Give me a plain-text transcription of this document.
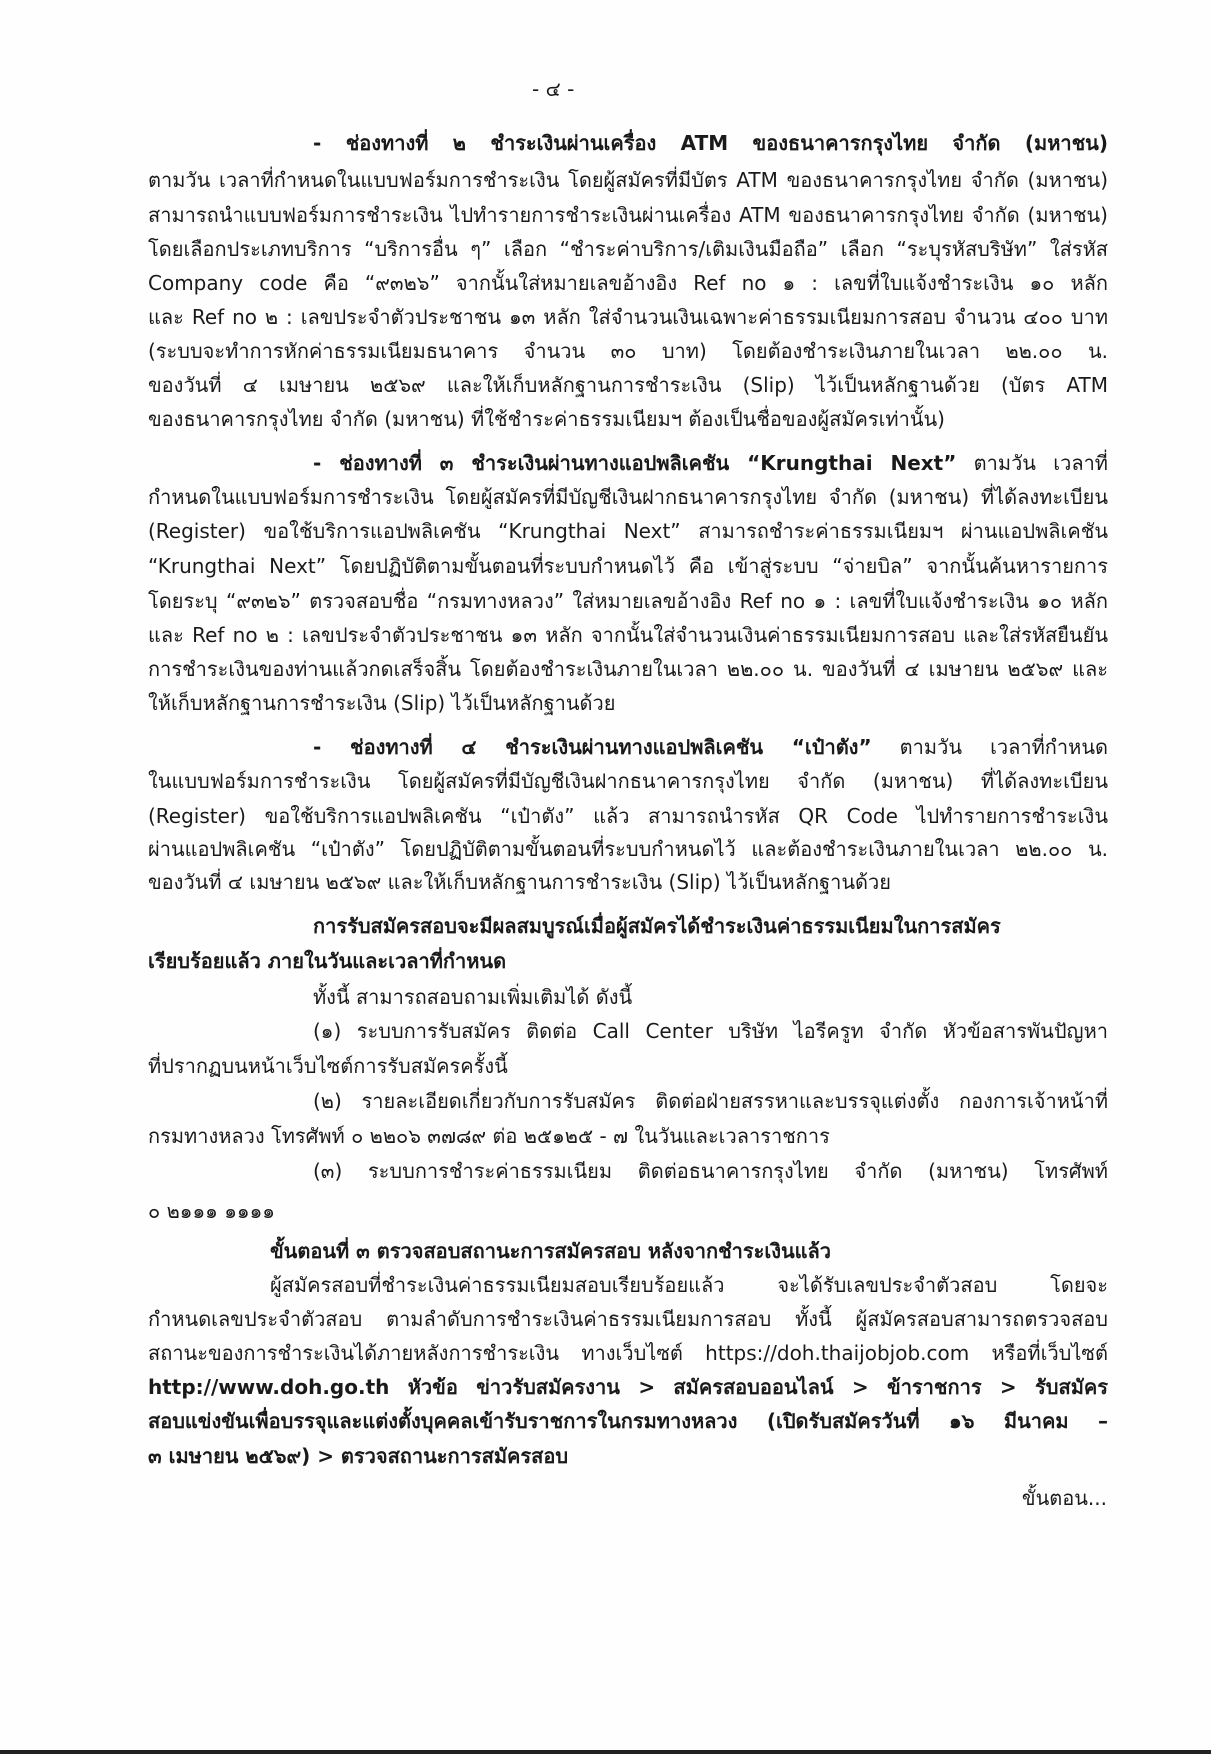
- ๔ -
- ช่องทางที่ ๒ ชำระเงินผ่านเครื่อง ATM ของธนาคารกรุงไทย จำกัด (มหาชน)
ตามวัน เวลาที่กำหนดในแบบฟอร์มการชำระเงิน โดยผู้สมัครที่มีบัตร ATM ของธนาคารกรุงไทย จำกัด (มหาชน)
สามารถนำแบบฟอร์มการชำระเงิน ไปทำรายการชำระเงินผ่านเครื่อง ATM ของธนาคารกรุงไทย จำกัด (มหาชน)
โดยเลือกประเภทบริการ “บริการอื่น ๆ” เลือก “ชำระค่าบริการ/เติมเงินมือถือ” เลือก “ระบุรหัสบริษัท” ใส่รหัส
Company code คือ “๙๓๒๖” จากนั้นใส่หมายเลขอ้างอิง Ref no ๑ : เลขที่ใบแจ้งชำระเงิน ๑๐ หลัก
และ Ref no ๒ : เลขประจำตัวประชาชน ๑๓ หลัก ใส่จำนวนเงินเฉพาะค่าธรรมเนียมการสอบ จำนวน ๔๐๐ บาท
(ระบบจะทำการหักค่าธรรมเนียมธนาคาร จำนวน ๓๐ บาท) โดยต้องชำระเงินภายในเวลา ๒๒.๐๐ น.
ของวันที่ ๔ เมษายน ๒๕๖๙ และให้เก็บหลักฐานการชำระเงิน (Slip) ไว้เป็นหลักฐานด้วย (บัตร ATM
ของธนาคารกรุงไทย จำกัด (มหาชน) ที่ใช้ชำระค่าธรรมเนียมฯ ต้องเป็นชื่อของผู้สมัครเท่านั้น)
- ช่องทางที่ ๓ ชำระเงินผ่านทางแอปพลิเคชัน “Krungthai Next” ตามวัน เวลาที่
กำหนดในแบบฟอร์มการชำระเงิน โดยผู้สมัครที่มีบัญชีเงินฝากธนาคารกรุงไทย จำกัด (มหาชน) ที่ได้ลงทะเบียน
(Register) ขอใช้บริการแอปพลิเคชัน “Krungthai Next” สามารถชำระค่าธรรมเนียมฯ ผ่านแอปพลิเคชัน
“Krungthai Next” โดยปฏิบัติตามขั้นตอนที่ระบบกำหนดไว้ คือ เข้าสู่ระบบ “จ่ายบิล” จากนั้นค้นหารายการ
โดยระบุ “๙๓๒๖” ตรวจสอบชื่อ “กรมทางหลวง” ใส่หมายเลขอ้างอิง Ref no ๑ : เลขที่ใบแจ้งชำระเงิน ๑๐ หลัก
และ Ref no ๒ : เลขประจำตัวประชาชน ๑๓ หลัก จากนั้นใส่จำนวนเงินค่าธรรมเนียมการสอบ และใส่รหัสยืนยัน
การชำระเงินของท่านแล้วกดเสร็จสิ้น โดยต้องชำระเงินภายในเวลา ๒๒.๐๐ น. ของวันที่ ๔ เมษายน ๒๕๖๙ และ
ให้เก็บหลักฐานการชำระเงิน (Slip) ไว้เป็นหลักฐานด้วย
- ช่องทางที่ ๔ ชำระเงินผ่านทางแอปพลิเคชัน “เป๋าตัง” ตามวัน เวลาที่กำหนด
ในแบบฟอร์มการชำระเงิน โดยผู้สมัครที่มีบัญชีเงินฝากธนาคารกรุงไทย จำกัด (มหาชน) ที่ได้ลงทะเบียน
(Register) ขอใช้บริการแอปพลิเคชัน “เป๋าตัง” แล้ว สามารถนำรหัส QR Code ไปทำรายการชำระเงิน
ผ่านแอปพลิเคชัน “เป๋าตัง” โดยปฏิบัติตามขั้นตอนที่ระบบกำหนดไว้ และต้องชำระเงินภายในเวลา ๒๒.๐๐ น.
ของวันที่ ๔ เมษายน ๒๕๖๙ และให้เก็บหลักฐานการชำระเงิน (Slip) ไว้เป็นหลักฐานด้วย
การรับสมัครสอบจะมีผลสมบูรณ์เมื่อผู้สมัครได้ชำระเงินค่าธรรมเนียมในการสมัคร
เรียบร้อยแล้ว ภายในวันและเวลาที่กำหนด
ทั้งนี้ สามารถสอบถามเพิ่มเติมได้ ดังนี้
(๑) ระบบการรับสมัคร ติดต่อ Call Center บริษัท ไอรีครูท จำกัด หัวข้อสารพันปัญหา
ที่ปรากฏบนหน้าเว็บไซต์การรับสมัครครั้งนี้
(๒) รายละเอียดเกี่ยวกับการรับสมัคร ติดต่อฝ่ายสรรหาและบรรจุแต่งตั้ง กองการเจ้าหน้าที่
กรมทางหลวง โทรศัพท์ ๐ ๒๒๐๖ ๓๗๘๙ ต่อ ๒๕๑๒๕ - ๗ ในวันและเวลาราชการ
(๓) ระบบการชำระค่าธรรมเนียม ติดต่อธนาคารกรุงไทย จำกัด (มหาชน) โทรศัพท์
๐ ๒๑๑๑ ๑๑๑๑
ขั้นตอนที่ ๓ ตรวจสอบสถานะการสมัครสอบ หลังจากชำระเงินแล้ว
ผู้สมัครสอบที่ชำระเงินค่าธรรมเนียมสอบเรียบร้อยแล้ว จะได้รับเลขประจำตัวสอบ โดยจะ
กำหนดเลขประจำตัวสอบ ตามลำดับการชำระเงินค่าธรรมเนียมการสอบ ทั้งนี้ ผู้สมัครสอบสามารถตรวจสอบ
สถานะของการชำระเงินได้ภายหลังการชำระเงิน ทางเว็บไซต์ https://doh.thaijobjob.com หรือที่เว็บไซต์
http://www.doh.go.th หัวข้อ ข่าวรับสมัครงาน > สมัครสอบออนไลน์ > ข้าราชการ > รับสมัคร
สอบแข่งขันเพื่อบรรจุและแต่งตั้งบุคคลเข้ารับราชการในกรมทางหลวง (เปิดรับสมัครวันที่ ๑๖ มีนาคม –
๓ เมษายน ๒๕๖๙) > ตรวจสถานะการสมัครสอบ
ขั้นตอน...
